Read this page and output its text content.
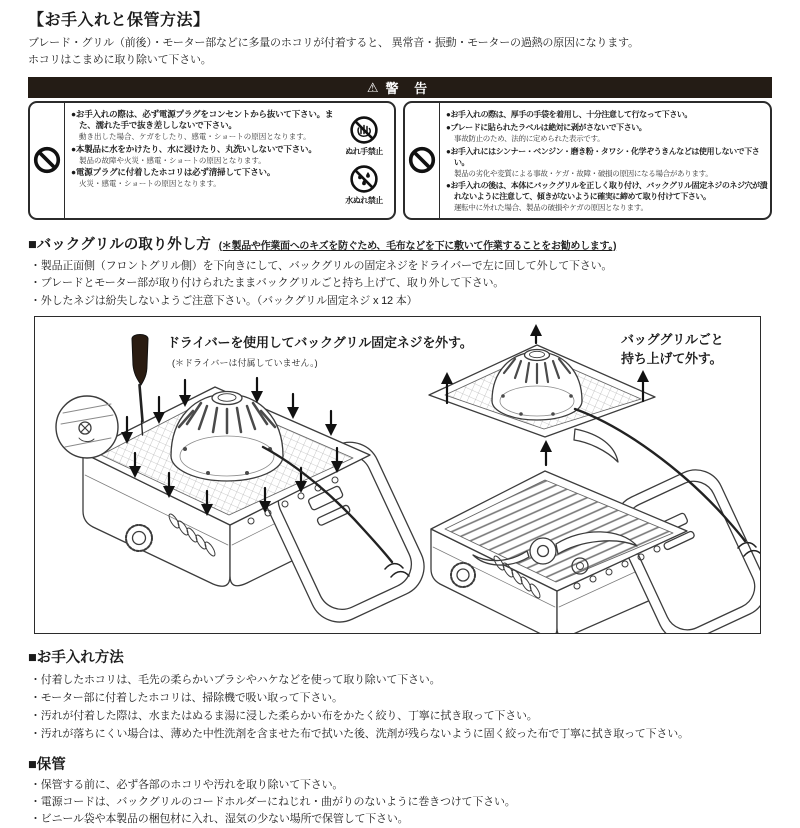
【お手入れと保管方法】
ブレード・グリル（前後）・モーター部などに多量のホコリが付着すると、 異常音・振動・モーターの過熱の原因になります。
ホコリはこまめに取り除いて下さい。
⚠ 警 告
●お手入れの際は、必ず電源プラグをコンセントから抜いて下さい。また、濡れた手で抜き差ししないで下さい。
動き出した場合、ケガをしたり、感電・ショートの原因となります。
●本製品に水をかけたり、水に浸けたり、丸洗いしないで下さい。
製品の故障や火災・感電・ショートの原因となります。
●電源プラグに付着したホコリは必ず清掃して下さい。
火災・感電・ショートの原因となります。
ぬれ手禁止
水ぬれ禁止
●お手入れの際は、厚手の手袋を着用し、十分注意して行なって下さい。
●ブレードに貼られたラベルは絶対に剥がさないで下さい。
事故防止のため、法的に定められた表示です。
●お手入れにはシンナー・ベンジン・磨き粉・タワシ・化学ぞうきんなどは使用しないで下さい。
製品の劣化や変質による事故・ケガ・故障・破損の原因になる場合があります。
●お手入れの後は、本体にバックグリルを正しく取り付け、バックグリル固定ネジのネジ穴が潰れないように注意して、傾きがないように確実に締めて取り付けて下さい。
運転中に外れた場合、製品の破損やケガの原因となります。
■バックグリルの取り外し方 (＊製品や作業面へのキズを防ぐため、毛布などを下に敷いて作業することをお勧めします。)
・製品正面側（フロントグリル側）を下向きにして、バックグリルの固定ネジをドライバーで左に回して外して下さい。
・ブレードとモーター部が取り付けられたままバックグリルごと持ち上げて、取り外して下さい。
・外したネジは紛失しないようご注意下さい。（バックグリル固定ネジ x 12 本）
ドライバーを使用してバックグリル固定ネジを外す。
(＊ドライバーは付属していません。)
バッググリルごと
持ち上げて外す。
■お手入れ方法
・付着したホコリは、毛先の柔らかいブラシやハケなどを使って取り除いて下さい。
・モーター部に付着したホコリは、掃除機で吸い取って下さい。
・汚れが付着した際は、水またはぬるま湯に浸した柔らかい布をかたく絞り、丁寧に拭き取って下さい。
・汚れが落ちにくい場合は、薄めた中性洗剤を含ませた布で拭いた後、洗剤が残らないように固く絞った布で丁寧に拭き取って下さい。
■保管
・保管する前に、必ず各部のホコリや汚れを取り除いて下さい。
・電源コードは、バックグリルのコードホルダーにねじれ・曲がりのないように巻きつけて下さい。
・ビニール袋や本製品の梱包材に入れ、湿気の少ない場所で保管して下さい。
